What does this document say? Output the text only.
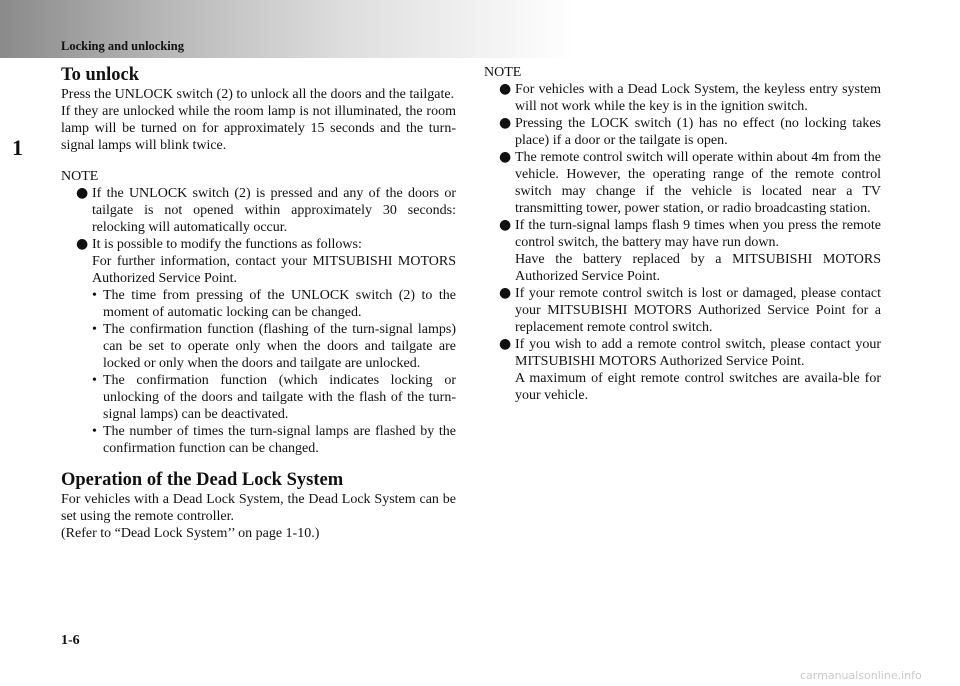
Locking and unlocking
1
To unlock

Press the UNLOCK switch (2) to unlock all the doors and the tailgate.

If they are unlocked while the room lamp is not illuminated, the room lamp will be turned on for approximately 15 seconds and the turn-signal lamps will blink twice.

NOTE
● If the UNLOCK switch (2) is pressed and any of the doors or tailgate is not opened within approximately 30 seconds: relocking will automatically occur.
● It is possible to modify the functions as follows:
For further information, contact your MITSUBISHI MOTORS Authorized Service Point.
• The time from pressing of the UNLOCK switch (2) to the moment of automatic locking can be changed.
• The confirmation function (flashing of the turn-signal lamps) can be set to operate only when the doors and tailgate are locked or only when the doors and tailgate are unlocked.
• The confirmation function (which indicates locking or unlocking of the doors and tailgate with the flash of the turn-signal lamps) can be deactivated.
• The number of times the turn-signal lamps are flashed by the confirmation function can be changed.
Operation of the Dead Lock System

For vehicles with a Dead Lock System, the Dead Lock System can be set using the remote controller.

(Refer to “Dead Lock System’’ on page 1-10.)

NOTE
● For vehicles with a Dead Lock System, the keyless entry system will not work while the key is in the ignition switch.
● Pressing the LOCK switch (1) has no effect (no locking takes place) if a door or the tailgate is open.
● The remote control switch will operate within about 4m from the vehicle. However, the operating range of the remote control switch may change if the vehicle is located near a TV transmitting tower, power station, or radio broadcasting station.
● If the turn-signal lamps flash 9 times when you press the remote control switch, the battery may have run down.
Have the battery replaced by a MITSUBISHI MOTORS Authorized Service Point.
● If your remote control switch is lost or damaged, please contact your MITSUBISHI MOTORS Authorized Service Point for a replacement remote control switch.
● If you wish to add a remote control switch, please contact your MITSUBISHI MOTORS Authorized Service Point.
A maximum of eight remote control switches are availa-ble for your vehicle.
1-6
carmanualsonline.info
